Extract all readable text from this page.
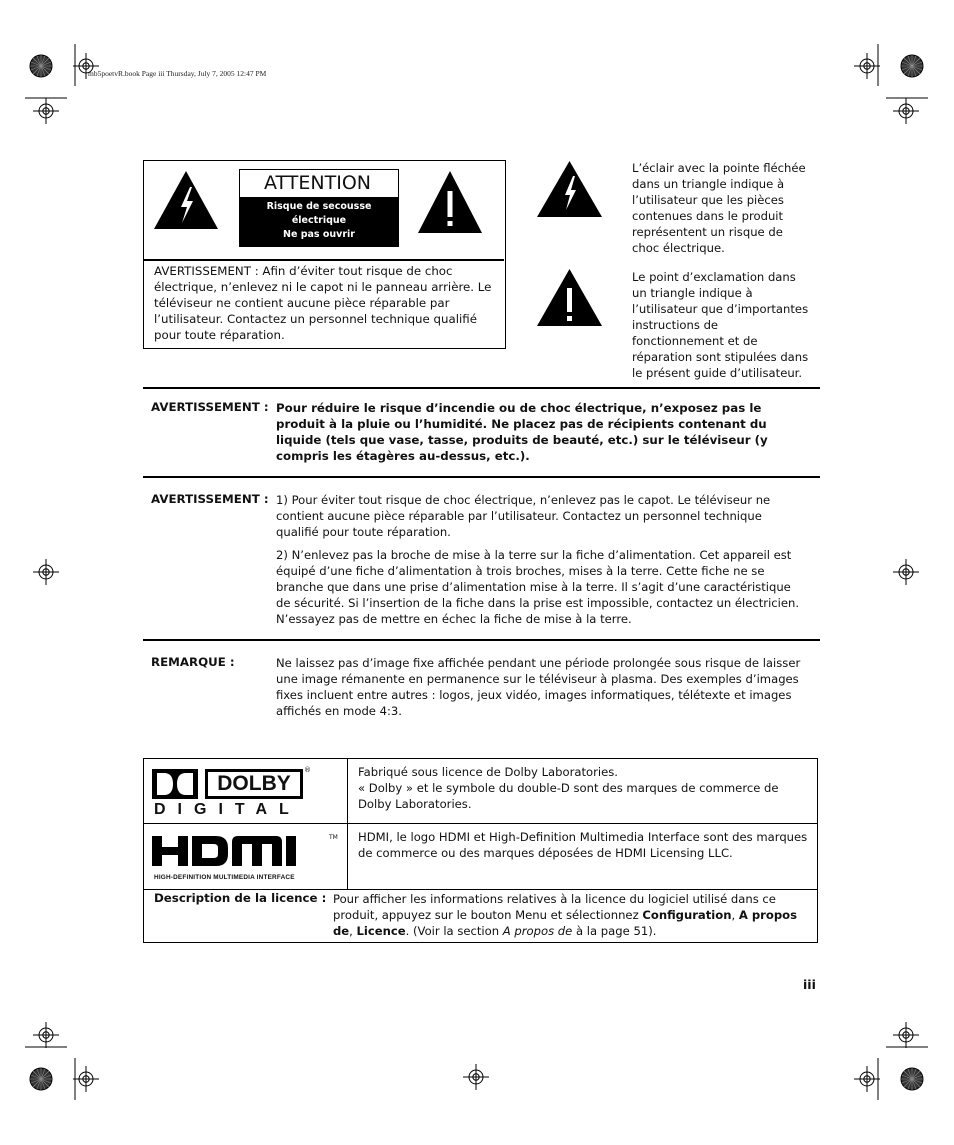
mb5poetvR.book Page iii Thursday, July 7, 2005 12:47 PM
ATTENTION
Risque de secousse électrique
Ne pas ouvrir
AVERTISSEMENT : Afin d’éviter tout risque de choc électrique, n’enlevez ni le capot ni le panneau arrière. Le téléviseur ne contient aucune pièce réparable par l’utilisateur. Contactez un personnel technique qualifié pour toute réparation.
L’éclair avec la pointe fléchée dans un triangle indique à l’utilisateur que les pièces contenues dans le produit représentent un risque de choc électrique.
Le point d’exclamation dans un triangle indique à l’utilisateur que d’importantes instructions de fonctionnement et de réparation sont stipulées dans le présent guide d’utilisateur.
AVERTISSEMENT : Pour réduire le risque d’incendie ou de choc électrique, n’exposez pas le produit à la pluie ou l’humidité. Ne placez pas de récipients contenant du liquide (tels que vase, tasse, produits de beauté, etc.) sur le téléviseur (y compris les étagères au-dessus, etc.).
AVERTISSEMENT : 1) Pour éviter tout risque de choc électrique, n’enlevez pas le capot. Le téléviseur ne contient aucune pièce réparable par l’utilisateur. Contactez un personnel technique qualifié pour toute réparation.
2) N’enlevez pas la broche de mise à la terre sur la fiche d’alimentation. Cet appareil est équipé d’une fiche d’alimentation à trois broches, mises à la terre. Cette fiche ne se branche que dans une prise d’alimentation mise à la terre. Il s’agit d’une caractéristique de sécurité. Si l’insertion de la fiche dans la prise est impossible, contactez un électricien. N’essayez pas de mettre en échec la fiche de mise à la terre.
REMARQUE :	Ne laissez pas d’image fixe affichée pendant une période prolongée sous risque de laisser une image rémanente en permanence sur le téléviseur à plasma. Des exemples d’images fixes incluent entre autres : logos, jeux vidéo, images informatiques, télétexte et images affichés en mode 4:3.
DOLBY
®
DIGITAL
Fabriqué sous licence de Dolby Laboratories.
« Dolby » et le symbole du double-D sont des marques de commerce de Dolby Laboratories.
TM
HIGH-DEFINITION MULTIMEDIA INTERFACE
HDMI, le logo HDMI et High-Definition Multimedia Interface sont des marques de commerce ou des marques déposées de HDMI Licensing LLC.
Description de la licence : Pour afficher les informations relatives à la licence du logiciel utilisé dans ce produit, appuyez sur le bouton Menu et sélectionnez Configuration, A propos de, Licence. (Voir la section A propos de à la page 51).
iii
